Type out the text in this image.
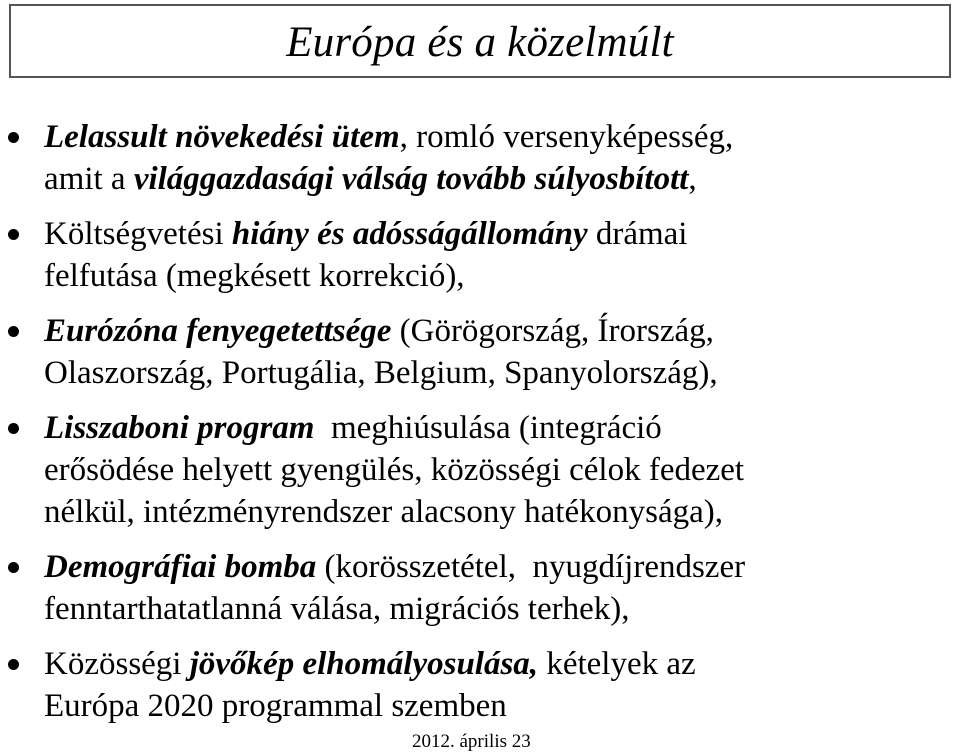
Európa és a közelmúlt
Lelassult növekedési ütem, romló versenyképesség,
amit a világgazdasági válság tovább súlyosbított,
Költségvetési hiány és adósságállomány drámai
felfutása (megkésett korrekció),
Eurózóna fenyegetettsége (Görögország, Írország,
Olaszország, Portugália, Belgium, Spanyolország),
Lisszaboni program  meghiúsulása (integráció
erősödése helyett gyengülés, közösségi célok fedezet
nélkül, intézményrendszer alacsony hatékonysága),
Demográfiai bomba (korösszetétel,  nyugdíjrendszer
fenntarthatatlanná válása, migrációs terhek),
Közösségi jövőkép elhomályosulása, kételyek az
Európa 2020 programmal szemben
2012. április 23
